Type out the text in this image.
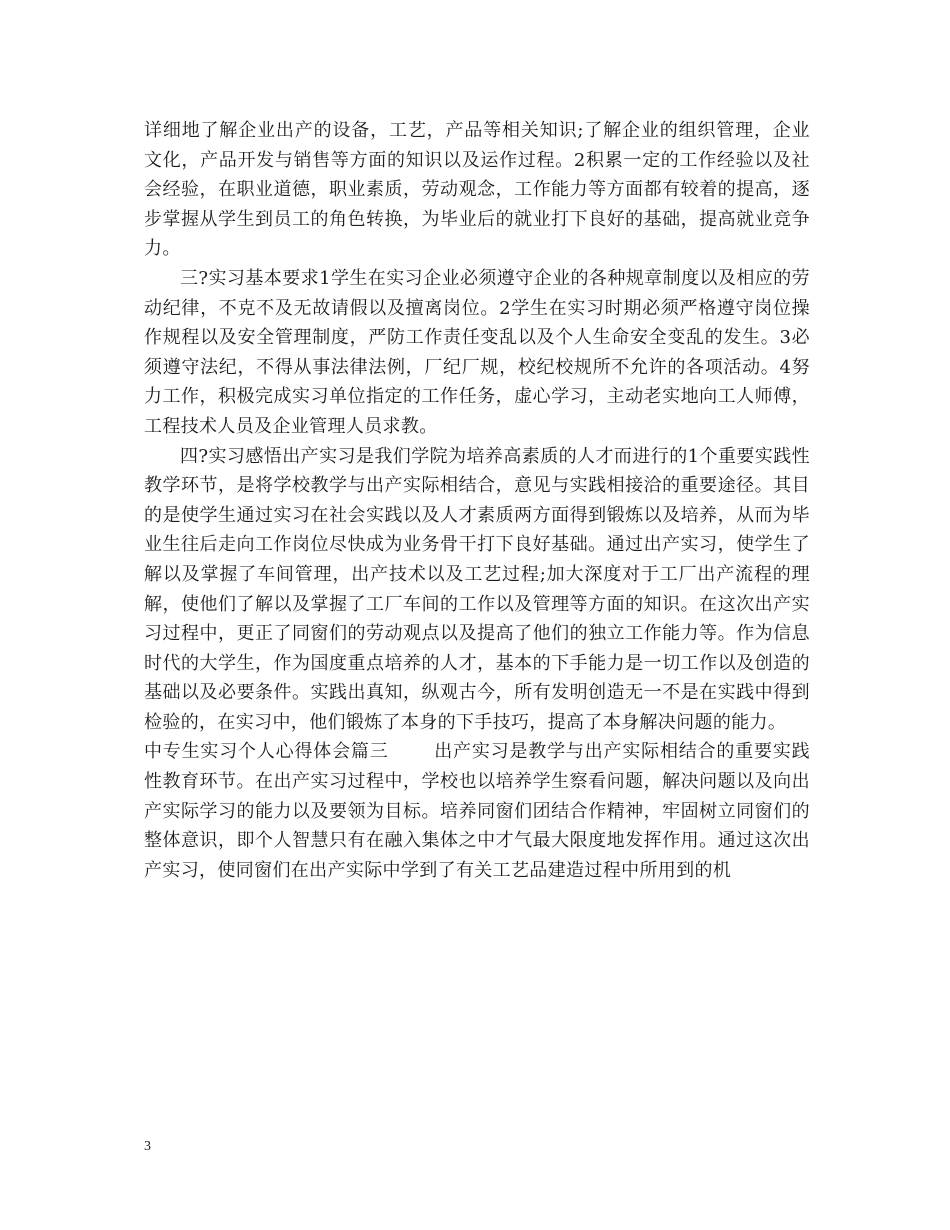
详细地了解企业出产的设备，工艺，产品等相关知识;了解企业的组织管理，企业文化，产品开发与销售等方面的知识以及运作过程。2积累一定的工作经验以及社会经验，在职业道德，职业素质，劳动观念，工作能力等方面都有较着的提高，逐步掌握从学生到员工的角色转换，为毕业后的就业打下良好的基础，提高就业竞争力。

三?实习基本要求1学生在实习企业必须遵守企业的各种规章制度以及相应的劳动纪律，不克不及无故请假以及擅离岗位。2学生在实习时期必须严格遵守岗位操作规程以及安全管理制度，严防工作责任变乱以及个人生命安全变乱的发生。3必须遵守法纪，不得从事法律法例，厂纪厂规，校纪校规所不允许的各项活动。4努力工作，积极完成实习单位指定的工作任务，虚心学习，主动老实地向工人师傅，工程技术人员及企业管理人员求教。

四?实习感悟出产实习是我们学院为培养高素质的人才而进行的1个重要实践性教学环节，是将学校教学与出产实际相结合，意见与实践相接洽的重要途径。其目的是使学生通过实习在社会实践以及人才素质两方面得到锻炼以及培养，从而为毕业生往后走向工作岗位尽快成为业务骨干打下良好基础。通过出产实习，使学生了解以及掌握了车间管理，出产技术以及工艺过程;加大深度对于工厂出产流程的理解，使他们了解以及掌握了工厂车间的工作以及管理等方面的知识。在这次出产实习过程中，更正了同窗们的劳动观点以及提高了他们的独立工作能力等。作为信息时代的大学生，作为国度重点培养的人才，基本的下手能力是一切工作以及创造的基础以及必要条件。实践出真知，纵观古今，所有发明创造无一不是在实践中得到检验的，在实习中，他们锻炼了本身的下手技巧，提高了本身解决问题的能力。

中专生实习个人心得体会篇三	出产实习是教学与出产实际相结合的重要实践性教育环节。在出产实习过程中，学校也以培养学生察看问题，解决问题以及向出产实际学习的能力以及要领为目标。培养同窗们团结合作精神，牢固树立同窗们的整体意识，即个人智慧只有在融入集体之中才气最大限度地发挥作用。通过这次出产实习，使同窗们在出产实际中学到了有关工艺品建造过程中所用到的机

3
